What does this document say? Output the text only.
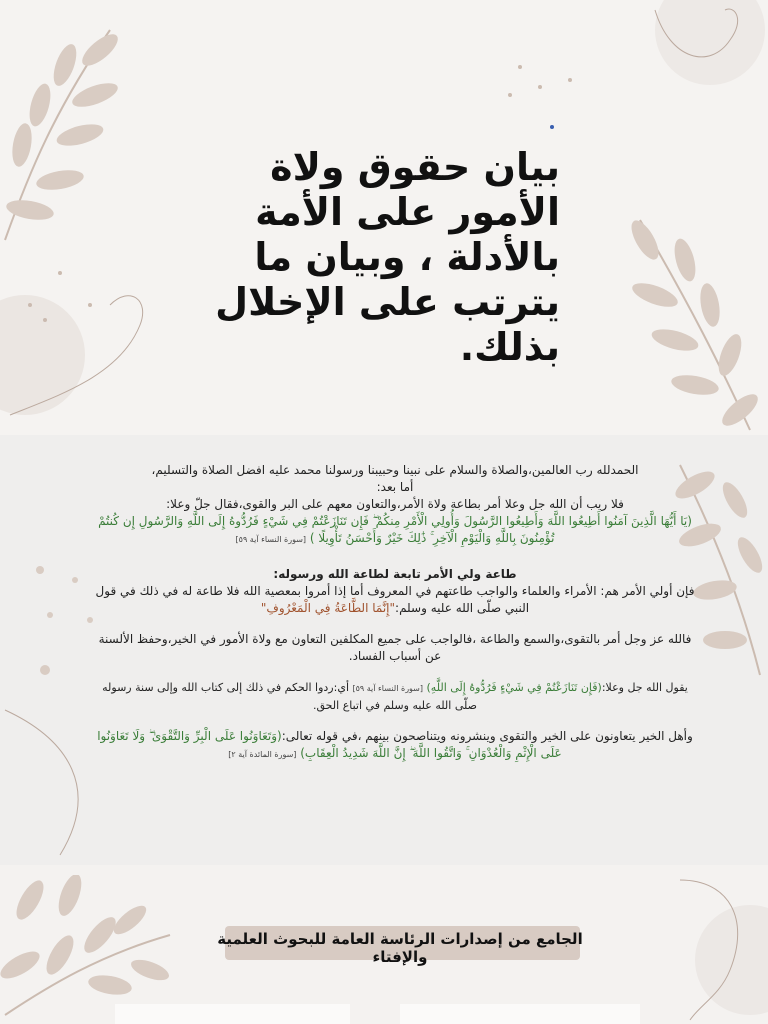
بيان حقوق ولاة الأمور على الأمة بالأدلة ، وبيان ما يترتب على الإخلال بذلك.

الحمدلله رب العالمين،والصلاة والسلام على نبينا وحبيبنا ورسولنا محمد عليه افضل الصلاة والتسليم،

أما بعد:

فلا ريب أن الله جل وعلا أمر بطاعة ولاة الأمر،والتعاون معهم على البر والقوى،فقال جلّ وعلا:

(يَا أَيُّهَا الَّذِينَ آمَنُوا أَطِيعُوا اللَّهَ وَأَطِيعُوا الرَّسُولَ وَأُولِي الْأَمْرِ مِنكُمْ ۖ فَإِن تَنَازَعْتُمْ فِي شَيْءٍ فَرُدُّوهُ إِلَى اللَّهِ وَالرَّسُولِ إِن كُنتُمْ تُؤْمِنُونَ بِاللَّهِ وَالْيَوْمِ الْآخِرِ ۚ ذَٰلِكَ خَيْرٌ وَأَحْسَنُ تَأْوِيلًا ) [سورة النساء آية ٥٩]

طاعة ولي الأمر تابعة لطاعة الله ورسوله:

فإن أولي الأمر هم: الأمراء والعلماء والواجب طاعتهم في المعروف أما إذا أمروا بمعصية الله فلا طاعة له في ذلك في قول النبي صلّى الله عليه وسلم:"إِنَّمَا الطَّاعَةُ فِي الْمَعْرُوفِ"

فالله عز وجل أمر بالتقوى،والسمع والطاعة ،فالواجب على جميع المكلفين التعاون مع ولاة الأمور في الخير،وحفظ الألسنة عن أسباب الفساد.

يقول الله جل وعلا:(فَإِن تَنَازَعْتُمْ فِي شَيْءٍ فَرُدُّوهُ إِلَى اللَّهِ) [سورة النساء آية ٥٩] أي:ردوا الحكم في ذلك إلى كتاب الله وإلى سنة رسوله صلّى الله عليه وسلم في اتباع الحق.

وأهل الخير يتعاونون على الخير والتقوى وينشرونه ويتناصحون بينهم ،في قوله تعالى:(وَتَعَاوَنُوا عَلَى الْبِرِّ وَالتَّقْوَىٰ ۖ وَلَا تَعَاوَنُوا عَلَى الْإِثْمِ وَالْعُدْوَانِ ۚ وَاتَّقُوا اللَّهَ ۖ إِنَّ اللَّهَ شَدِيدُ الْعِقَابِ) [سورة المائدة آية ٢]

الجامع من إصدارات الرئاسة العامة للبحوث العلمية والإفتاء
